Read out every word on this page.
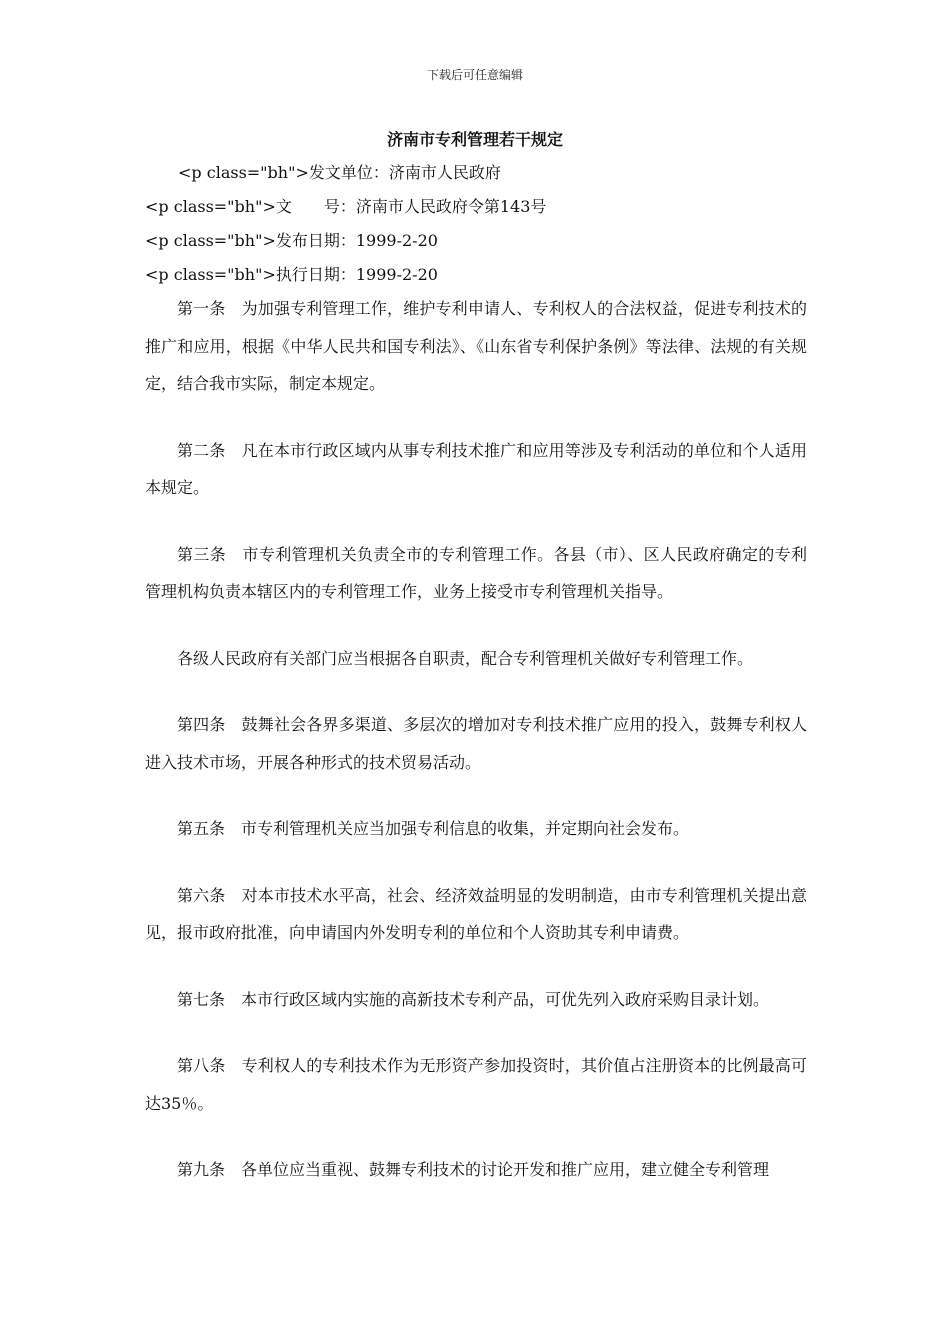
下载后可任意编辑
济南市专利管理若干规定
<p class="bh">发文单位：济南市人民政府
<p class="bh">文　　号：济南市人民政府令第143号
<p class="bh">发布日期：1999-2-20
<p class="bh">执行日期：1999-2-20

第一条　为加强专利管理工作，维护专利申请人、专利权人的合法权益，促进专利技术的推广和应用，根据《中华人民共和国专利法》、《山东省专利保护条例》等法律、法规的有关规定，结合我市实际，制定本规定。

第二条　凡在本市行政区域内从事专利技术推广和应用等涉及专利活动的单位和个人适用本规定。

第三条　市专利管理机关负责全市的专利管理工作。各县（市）、区人民政府确定的专利管理机构负责本辖区内的专利管理工作，业务上接受市专利管理机关指导。

各级人民政府有关部门应当根据各自职责，配合专利管理机关做好专利管理工作。

第四条　鼓舞社会各界多渠道、多层次的增加对专利技术推广应用的投入，鼓舞专利权人进入技术市场，开展各种形式的技术贸易活动。

第五条　市专利管理机关应当加强专利信息的收集，并定期向社会发布。

第六条　对本市技术水平高，社会、经济效益明显的发明制造，由市专利管理机关提出意见，报市政府批准，向申请国内外发明专利的单位和个人资助其专利申请费。

第七条　本市行政区域内实施的高新技术专利产品，可优先列入政府采购目录计划。

第八条　专利权人的专利技术作为无形资产参加投资时，其价值占注册资本的比例最高可达35％。

第九条　各单位应当重视、鼓舞专利技术的讨论开发和推广应用，建立健全专利管理
